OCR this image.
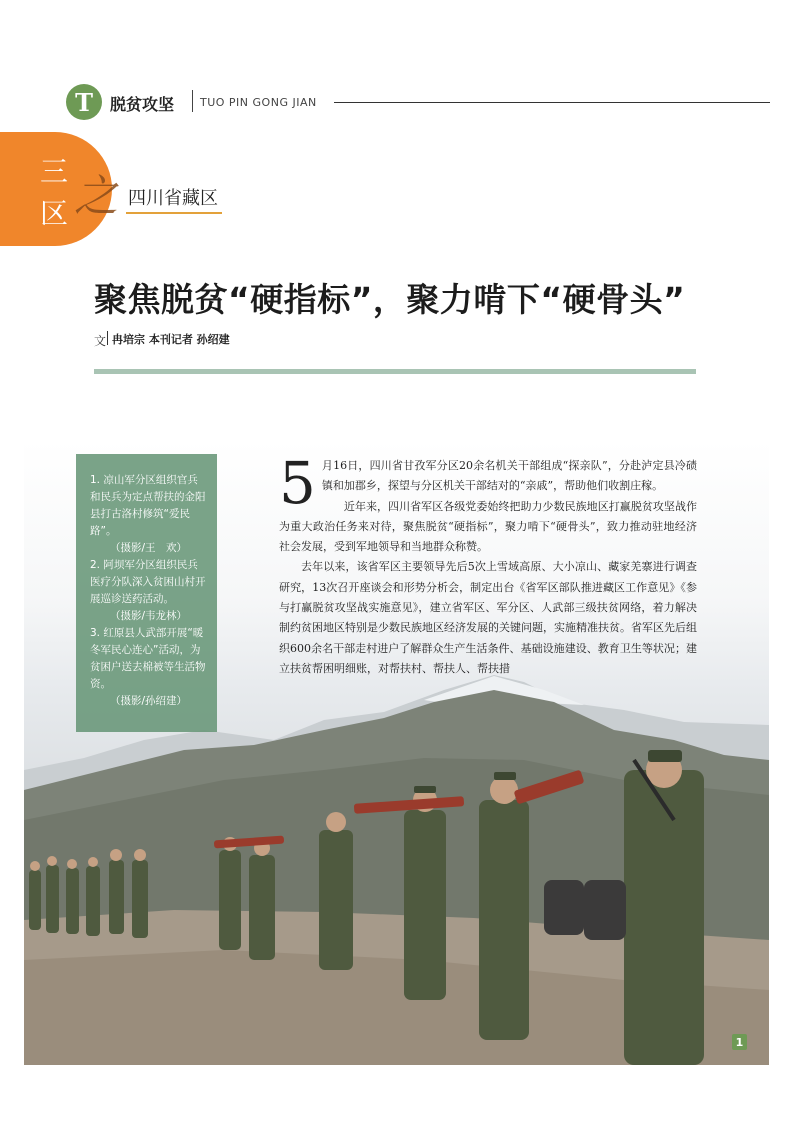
T	脱贫攻坚 TUO PIN GONG JIAN
三
区 之 四川省藏区
聚焦脱贫“硬指标”，聚力啃下“硬骨头”
文 冉培宗 本刊记者 孙绍建

1. 凉山军分区组织官兵和民兵为定点帮扶的金阳县打古洛村修筑“爱民路”。

（摄影/王　欢）

2. 阿坝军分区组织民兵医疗分队深入贫困山村开展巡诊送药活动。

（摄影/韦龙林）

3. 红原县人武部开展“暖冬军民心连心”活动，为贫困户送去棉被等生活物资。

（摄影/孙绍建）

5 月16日，四川省甘孜军分区20余名机关干部组成“探亲队”，分赴泸定县冷碛镇和加郡乡，探望与分区机关干部结对的“亲戚”，帮助他们收割庄稼。

近年来，四川省军区各级党委始终把助力少数民族地区打赢脱贫攻坚战作为重大政治任务来对待，聚焦脱贫“硬指标”，聚力啃下“硬骨头”，致力推动驻地经济社会发展，受到军地领导和当地群众称赞。

去年以来，该省军区主要领导先后5次上雪域高原、大小凉山、藏家羌寨进行调查研究，13次召开座谈会和形势分析会，制定出台《省军区部队推进藏区工作意见》《参与打赢脱贫攻坚战实施意见》，建立省军区、军分区、人武部三级扶贫网络，着力解决制约贫困地区特别是少数民族地区经济发展的关键问题，实施精准扶贫。省军区先后组织600余名干部走村进户了解群众生产生活条件、基础设施建设、教育卫生等状况；建立扶贫帮困明细账，对帮扶村、帮扶人、帮扶措

1
